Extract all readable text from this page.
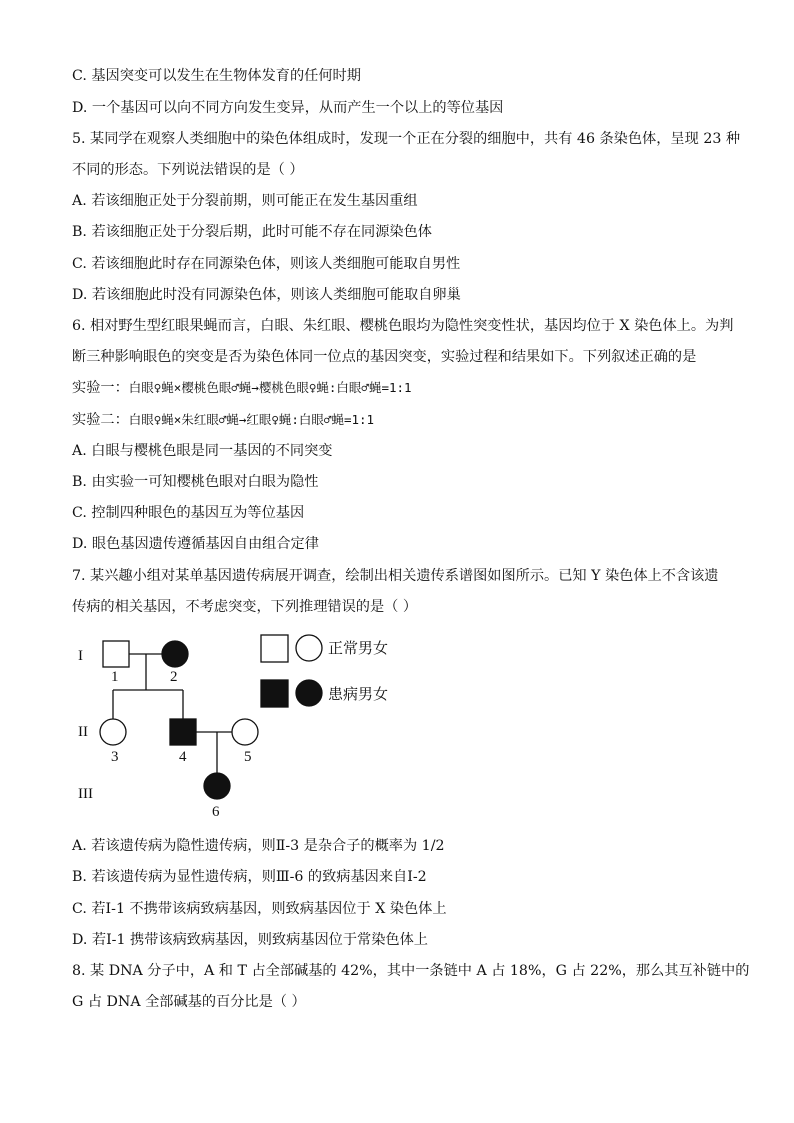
C. 基因突变可以发生在生物体发育的任何时期
D. 一个基因可以向不同方向发生变异，从而产生一个以上的等位基因
5. 某同学在观察人类细胞中的染色体组成时，发现一个正在分裂的细胞中，共有 46 条染色体，呈现 23 种
不同的形态。下列说法错误的是（ ）
A. 若该细胞正处于分裂前期，则可能正在发生基因重组
B. 若该细胞正处于分裂后期，此时可能不存在同源染色体
C. 若该细胞此时存在同源染色体，则该人类细胞可能取自男性
D. 若该细胞此时没有同源染色体，则该人类细胞可能取自卵巢
6. 相对野生型红眼果蝇而言，白眼、朱红眼、樱桃色眼均为隐性突变性状，基因均位于 X 染色体上。为判
断三种影响眼色的突变是否为染色体同一位点的基因突变，实验过程和结果如下。下列叙述正确的是
实验一：白眼♀蝇×樱桃色眼♂蝇→樱桃色眼♀蝇:白眼♂蝇=1:1
实验二：白眼♀蝇×朱红眼♂蝇→红眼♀蝇:白眼♂蝇=1:1
A. 白眼与樱桃色眼是同一基因的不同突变
B. 由实验一可知樱桃色眼对白眼为隐性
C. 控制四种眼色的基因互为等位基因
D. 眼色基因遗传遵循基因自由组合定律
7. 某兴趣小组对某单基因遗传病展开调查，绘制出相关遗传系谱图如图所示。已知 Y 染色体上不含该遗
传病的相关基因，不考虑突变，下列推理错误的是（ ）
I
II
III
1	2
3	4	5
6
正常男女
患病男女
A. 若该遗传病为隐性遗传病，则Ⅱ-3 是杂合子的概率为 1/2
B. 若该遗传病为显性遗传病，则Ⅲ-6 的致病基因来自Ⅰ-2
C. 若Ⅰ-1 不携带该病致病基因，则致病基因位于 X 染色体上
D. 若Ⅰ-1 携带该病致病基因，则致病基因位于常染色体上
8. 某 DNA 分子中，A 和 T 占全部碱基的 42%，其中一条链中 A 占 18%，G 占 22%，那么其互补链中的
G 占 DNA 全部碱基的百分比是（ ）
